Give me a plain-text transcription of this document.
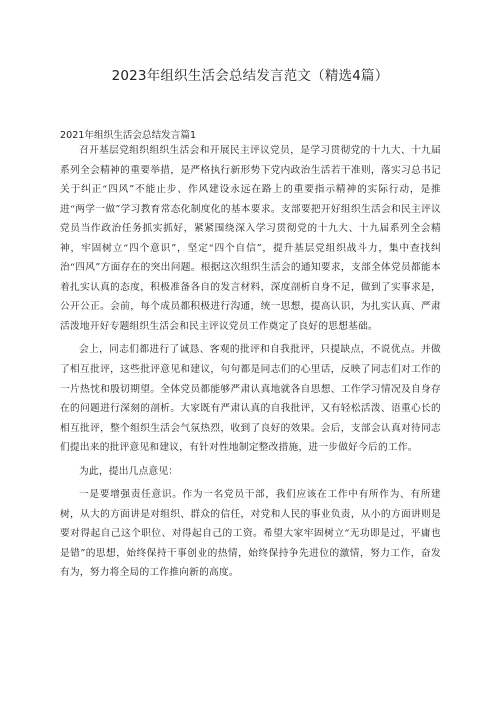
2023年组织生活会总结发言范文（精选4篇）
2021年组织生活会总结发言篇1

召开基层党组织组织生活会和开展民主评议党员，是学习贯彻党的十九大、十九届系列全会精神的重要举措，是严格执行新形势下党内政治生活若干准则，落实习总书记关于纠正“四风”不能止步、作风建设永远在路上的重要指示精神的实际行动，是推进“两学一做”学习教育常态化制度化的基本要求。支部要把开好组织生活会和民主评议党员当作政治任务抓实抓好，紧紧围绕深入学习贯彻党的十九大、十九届系列全会精神，牢固树立“四个意识”，坚定“四个自信”，提升基层党组织战斗力，集中查找纠治“四风”方面存在的突出问题。根据这次组织生活会的通知要求，支部全体党员都能本着扎实认真的态度，积极准备各自的发言材料，深度剖析自身不足，做到了实事求是，公开公正。会前，每个成员都积极进行沟通，统一思想，提高认识，为扎实认真、严肃活泼地开好专题组织生活会和民主评议党员工作奠定了良好的思想基础。

会上，同志们都进行了诚恳、客观的批评和自我批评，只提缺点，不说优点。并做了相互批评，这些批评意见和建议，句句都是同志们的心里话，反映了同志们对工作的一片热忱和殷切期望。全体党员都能够严肃认真地就各自思想、工作学习情况及自身存在的问题进行深刻的剖析。大家既有严肃认真的自我批评，又有轻松活泼、语重心长的相互批评，整个组织生活会气氛热烈，收到了良好的效果。会后，支部会认真对待同志们提出来的批评意见和建议，有针对性地制定整改措施，进一步做好今后的工作。

为此，提出几点意见：

一是要增强责任意识。作为一名党员干部，我们应该在工作中有所作为、有所建树，从大的方面讲是对组织、群众的信任，对党和人民的事业负责，从小的方面讲则是要对得起自己这个职位、对得起自己的工资。希望大家牢固树立“无功即是过，平庸也是错”的思想，始终保持干事创业的热情，始终保持争先进位的激情，努力工作，奋发有为，努力将全局的工作推向新的高度。
